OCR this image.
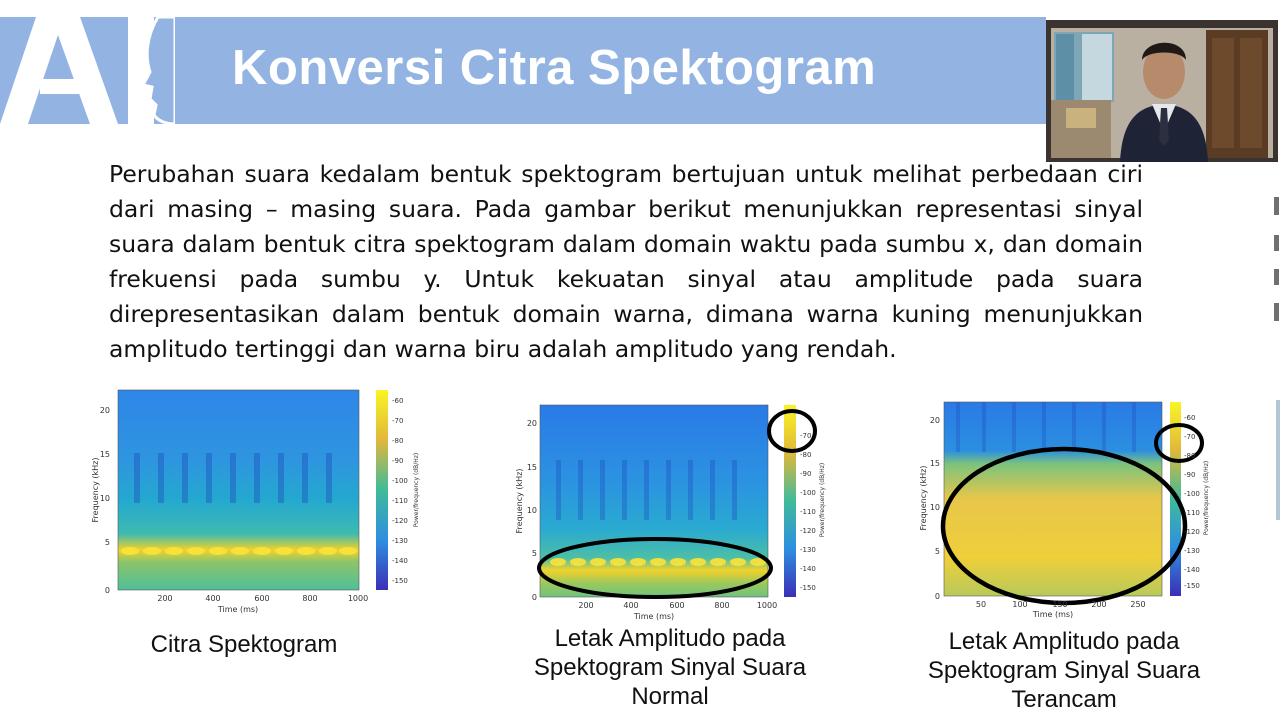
Konversi Citra Spektogram
Perubahan suara kedalam bentuk spektogram bertujuan untuk melihat perbedaan ciri dari masing – masing suara. Pada gambar berikut menunjukkan representasi sinyal suara dalam bentuk citra spektogram dalam domain waktu pada sumbu x, dan domain frekuensi pada sumbu y. Untuk kekuatan sinyal atau amplitude pada suara direpresentasikan dalam bentuk domain warna, dimana warna kuning menunjukkan amplitudo tertinggi dan warna biru adalah amplitudo yang rendah.
20
15
10
5
0
200	400	600	800	1000
Time (ms)
Frequency (kHz)
-60
-70
-80
-90
-100
-110
-120
-130
-140
-150
Power/frequency (dB/Hz)
Citra Spektogram
20
15
10
5
0
200	400	600	800	1000
Time (ms)
Frequency (kHz)
-70
-80
-90
-100
-110
-120
-130
-140
-150
Power/frequency (dB/Hz)
Letak Amplitudo pada
Spektogram Sinyal Suara
Normal
20
15
10
5
0
50	100	150	200	250
Time (ms)
Frequency (kHz)
-60
-70
-80
-90
-100
-110
-120
-130
-140
-150
Power/frequency (dB/Hz)
Letak Amplitudo pada
Spektogram Sinyal Suara
Terancam
